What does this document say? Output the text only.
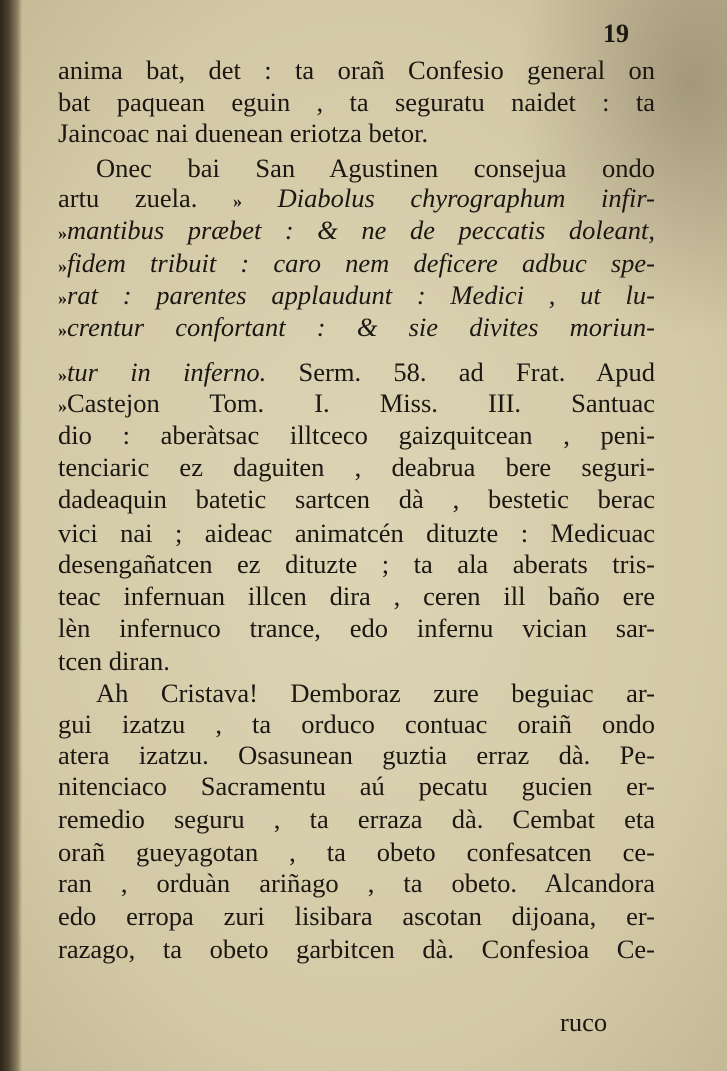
19
anima bat, det : ta orañ Confesio general on
bat paquean eguin , ta seguratu naidet : ta
Jaincoac nai duenean eriotza betor.
Onec bai San Agustinen consejua ondo
artu zuela. » Diabolus chyrographum infir-
»mantibus præbet : & ne de peccatis doleant,
»fidem tribuit : caro nem deficere adbuc spe-
»rat : parentes applaudunt : Medici , ut lu-
»crentur confortant : & sie divites moriun-
»tur in inferno. Serm. 58. ad Frat. Apud
»Castejon Tom. I. Miss. III. Santuac
dio : aberàtsac illtceco gaizquitcean , peni-
tenciaric ez daguiten , deabrua bere seguri-
dadeaquin batetic sartcen dà , bestetic berac
vici nai ; aideac animatcén dituzte : Medicuac
desengañatcen ez dituzte ; ta ala aberats tris-
teac infernuan illcen dira , ceren ill baño ere
lèn infernuco trance, edo infernu vician sar-
tcen diran.
Ah Cristava! Demboraz zure beguiac ar-
gui izatzu , ta orduco contuac oraiñ ondo
atera izatzu. Osasunean guztia erraz dà. Pe-
nitenciaco Sacramentu aú pecatu gucien er-
remedio seguru , ta erraza dà. Cembat eta
orañ gueyagotan , ta obeto confesatcen ce-
ran , orduàn ariñago , ta obeto. Alcandora
edo erropa zuri lisibara ascotan dijoana, er-
razago, ta obeto garbitcen dà. Confesioa Ce-
ruco
